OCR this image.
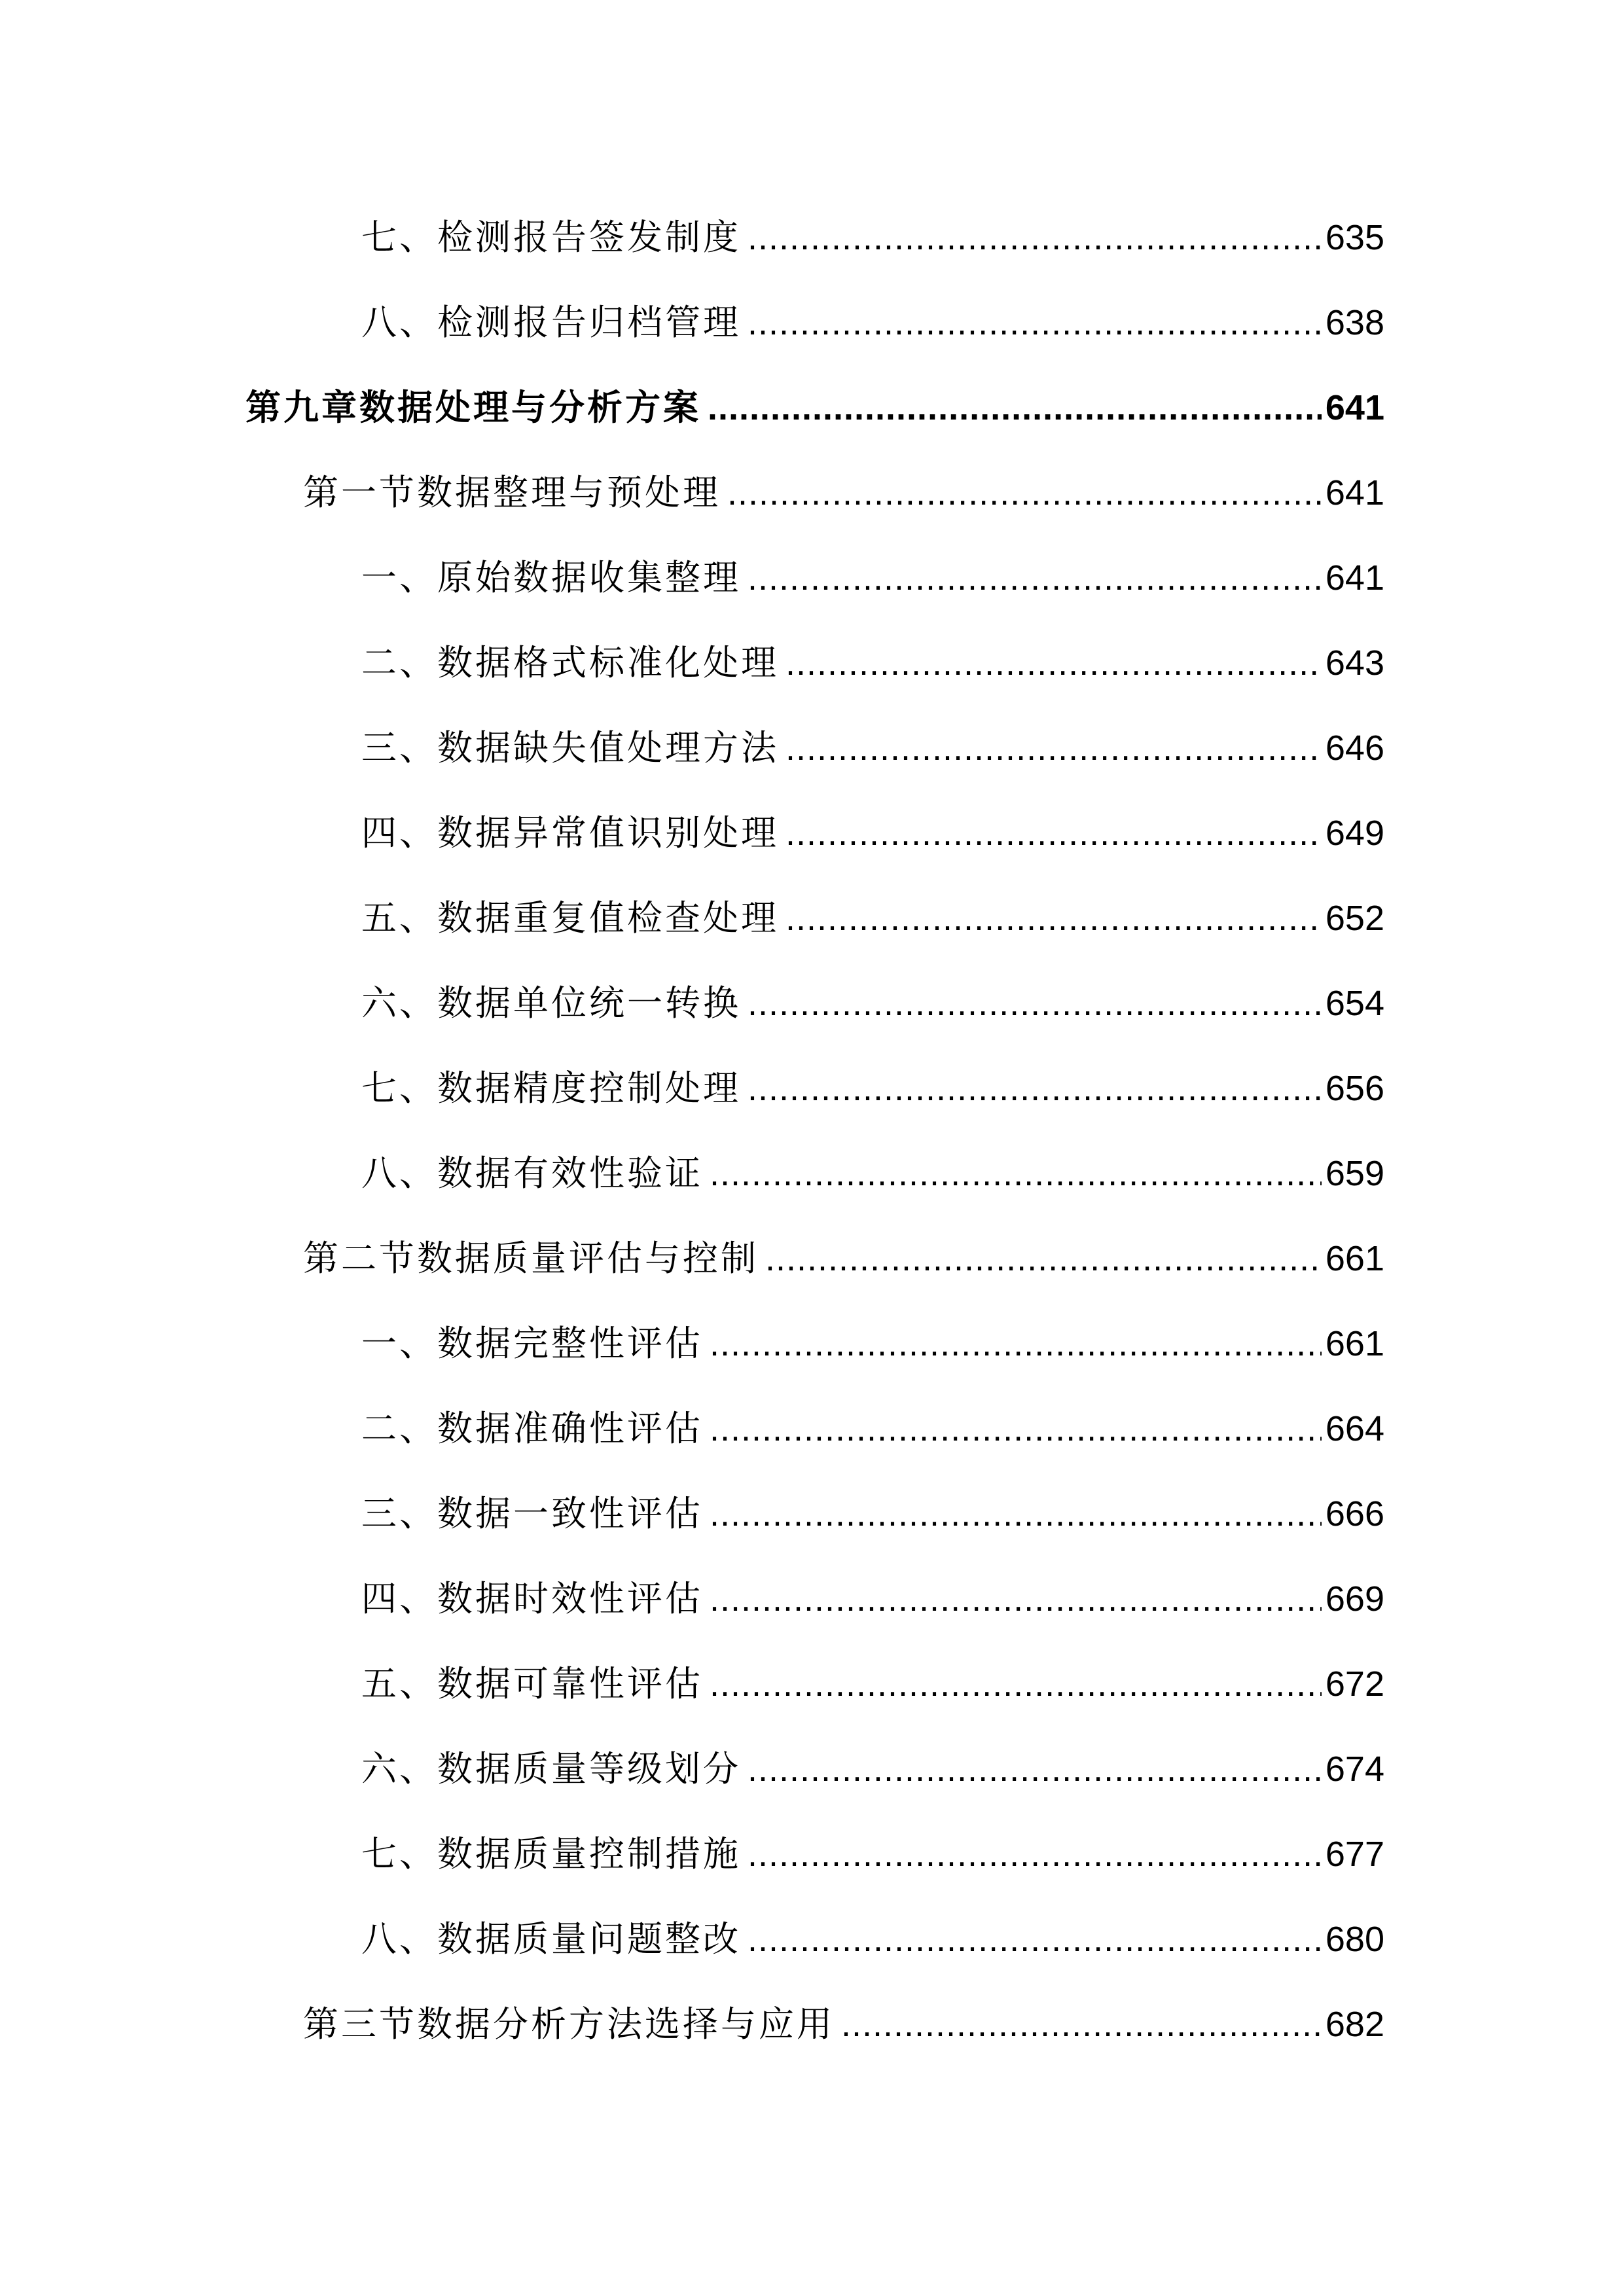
七、检测报告签发制度 .....	635
八、检测报告归档管理 .....	638
第九章数据处理与分析方案 .....	641
第一节数据整理与预处理 .....	641
一、原始数据收集整理 .....	641
二、数据格式标准化处理 .....	643
三、数据缺失值处理方法 .....	646
四、数据异常值识别处理 .....	649
五、数据重复值检查处理 .....	652
六、数据单位统一转换 .....	654
七、数据精度控制处理 .....	656
八、数据有效性验证 .....	659
第二节数据质量评估与控制 .....	661
一、数据完整性评估 .....	661
二、数据准确性评估 .....	664
三、数据一致性评估 .....	666
四、数据时效性评估 .....	669
五、数据可靠性评估 .....	672
六、数据质量等级划分 .....	674
七、数据质量控制措施 .....	677
八、数据质量问题整改 .....	680
第三节数据分析方法选择与应用 .....	682
